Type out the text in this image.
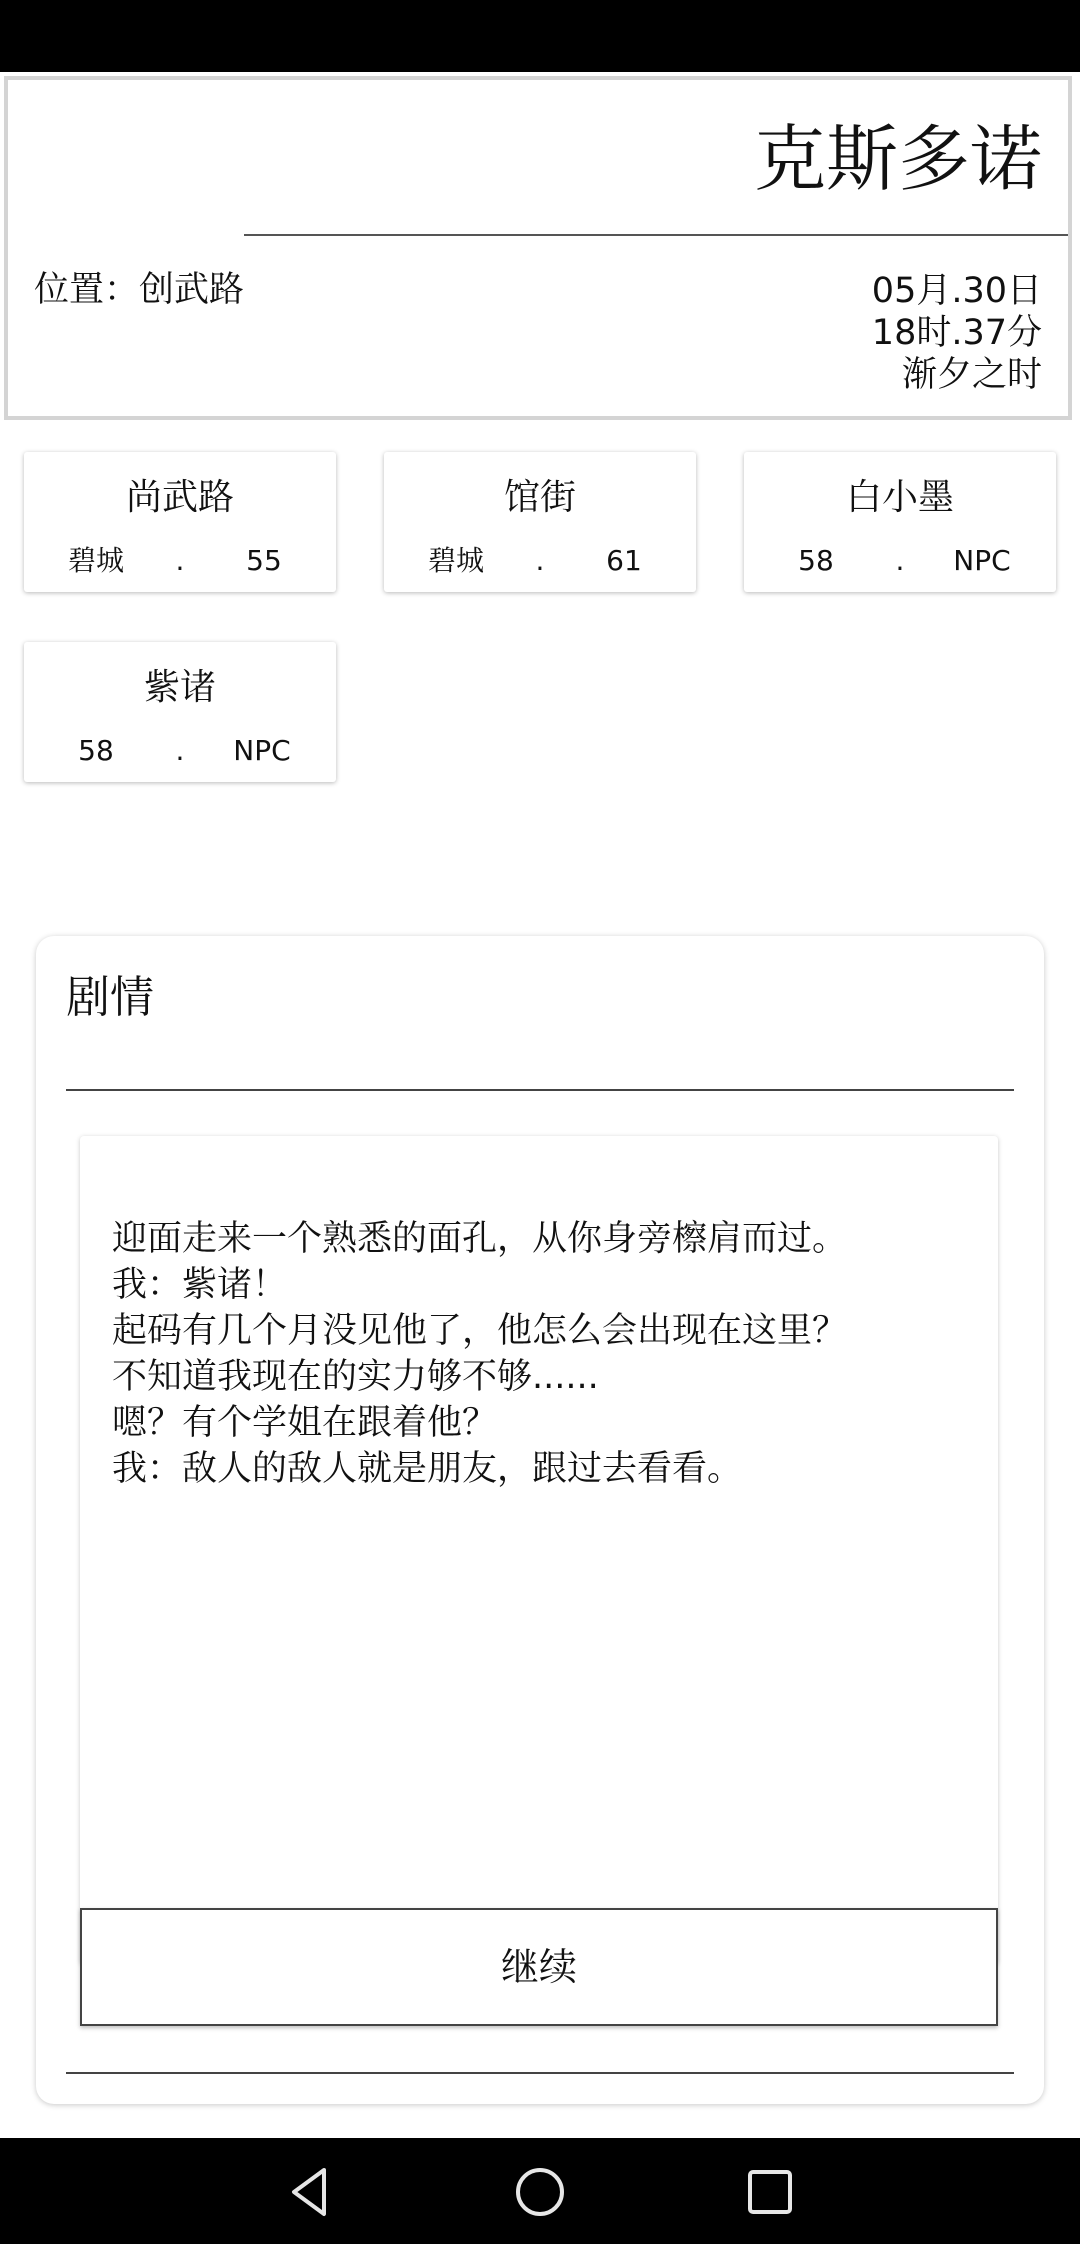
克斯多诺
位置：创武路	05月.30日
18时.37分
渐夕之时
尚武路
碧城 . 55
馆街
碧城 . 61
白小墨
58 . NPC
紫诸
58 . NPC
剧情
迎面走来一个熟悉的面孔，从你身旁檫肩而过。
我：紫诸！
起码有几个月没见他了，他怎么会出现在这里？
不知道我现在的实力够不够......
嗯？有个学姐在跟着他？
我：敌人的敌人就是朋友，跟过去看看。
继续
